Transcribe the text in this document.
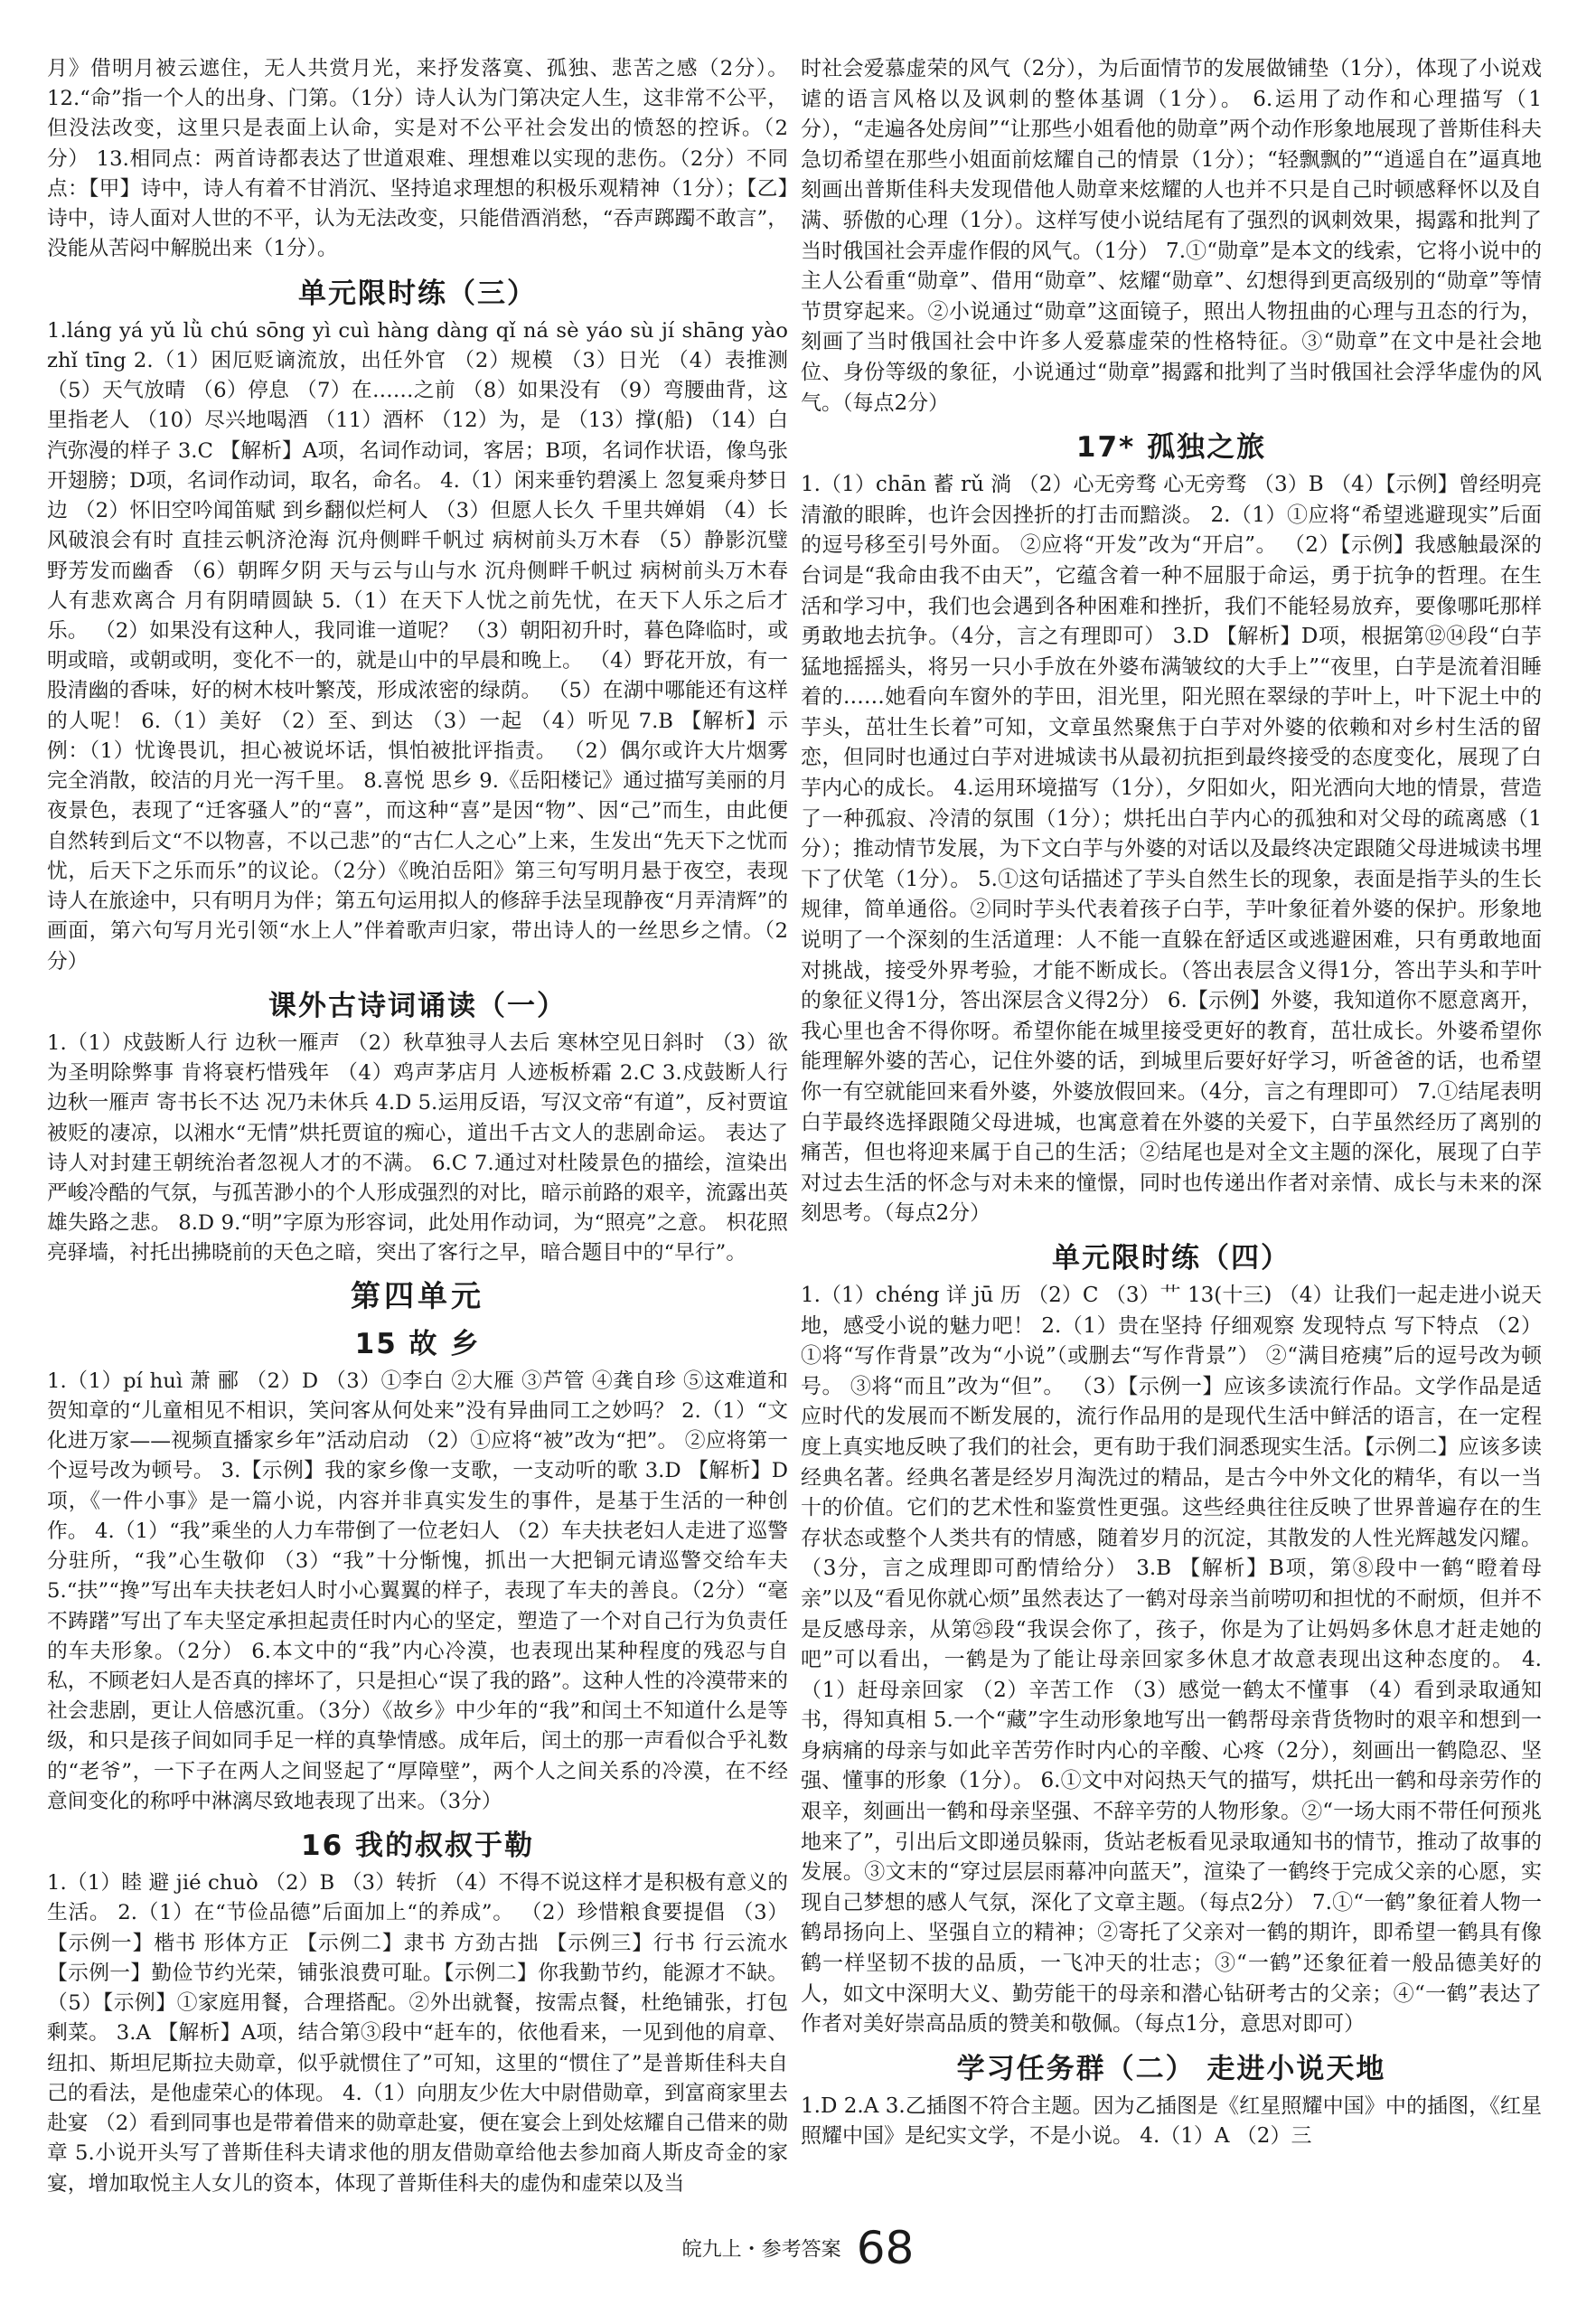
月》借明月被云遮住，无人共赏月光，来抒发落寞、孤独、悲苦之感（2分）。 12.“命”指一个人的出身、门第。（1分）诗人认为门第决定人生，这非常不公平，但没法改变，这里只是表面上认命，实是对不公平社会发出的愤怒的控诉。（2分） 13.相同点：两首诗都表达了世道艰难、理想难以实现的悲伤。（2分）不同点：【甲】诗中，诗人有着不甘消沉、坚持追求理想的积极乐观精神（1分）；【乙】诗中，诗人面对人世的不平，认为无法改变，只能借酒消愁，“吞声踯躅不敢言”，没能从苦闷中解脱出来（1分）。

单元限时练（三）

1.láng yá yǔ lǜ chú sōng yì cuì hàng dàng qǐ ná sè yáo sù jí shāng yào zhǐ tīng 2.（1）困厄贬谪流放，出任外官 （2）规模 （3）日光 （4）表推测 （5）天气放晴 （6）停息 （7）在……之前 （8）如果没有 （9）弯腰曲背，这里指老人 （10）尽兴地喝酒 （11）酒杯 （12）为，是 （13）撑(船) （14）白汽弥漫的样子 3.C 【解析】A项，名词作动词，客居；B项，名词作状语，像鸟张开翅膀；D项，名词作动词，取名，命名。 4.（1）闲来垂钓碧溪上 忽复乘舟梦日边 （2）怀旧空吟闻笛赋 到乡翻似烂柯人 （3）但愿人长久 千里共婵娟 （4）长风破浪会有时 直挂云帆济沧海 沉舟侧畔千帆过 病树前头万木春 （5）静影沉璧 野芳发而幽香 （6）朝晖夕阴 天与云与山与水 沉舟侧畔千帆过 病树前头万木春 人有悲欢离合 月有阴晴圆缺 5.（1）在天下人忧之前先忧，在天下人乐之后才乐。 （2）如果没有这种人，我同谁一道呢？ （3）朝阳初升时，暮色降临时，或明或暗，或朝或明，变化不一的，就是山中的早晨和晚上。 （4）野花开放，有一股清幽的香味，好的树木枝叶繁茂，形成浓密的绿荫。 （5）在湖中哪能还有这样的人呢！ 6.（1）美好 （2）至、到达 （3）一起 （4）听见 7.B 【解析】示例：（1）忧谗畏讥，担心被说坏话，惧怕被批评指责。 （2）偶尔或许大片烟雾完全消散，皎洁的月光一泻千里。 8.喜悦 思乡 9.《岳阳楼记》通过描写美丽的月夜景色，表现了“迁客骚人”的“喜”，而这种“喜”是因“物”、因“己”而生，由此便自然转到后文“不以物喜，不以己悲”的“古仁人之心”上来，生发出“先天下之忧而忧，后天下之乐而乐”的议论。（2分）《晚泊岳阳》第三句写明月悬于夜空，表现诗人在旅途中，只有明月为伴；第五句运用拟人的修辞手法呈现静夜“月弄清辉”的画面，第六句写月光引领“水上人”伴着歌声归家，带出诗人的一丝思乡之情。（2分）

课外古诗词诵读（一）

1.（1）戍鼓断人行 边秋一雁声 （2）秋草独寻人去后 寒林空见日斜时 （3）欲为圣明除弊事 肯将衰朽惜残年 （4）鸡声茅店月 人迹板桥霜 2.C 3.戍鼓断人行 边秋一雁声 寄书长不达 况乃未休兵 4.D 5.运用反语，写汉文帝“有道”，反衬贾谊被贬的凄凉，以湘水“无情”烘托贾谊的痴心，道出千古文人的悲剧命运。 表达了诗人对封建王朝统治者忽视人才的不满。 6.C 7.通过对杜陵景色的描绘，渲染出严峻冷酷的气氛，与孤苦渺小的个人形成强烈的对比，暗示前路的艰辛，流露出英雄失路之悲。 8.D 9.“明”字原为形容词，此处用作动词，为“照亮”之意。 枳花照亮驿墙，衬托出拂晓前的天色之暗，突出了客行之早，暗合题目中的“早行”。

第四单元
15 故 乡

1.（1）pí huì 萧 郦 （2）D （3）①李白 ②大雁 ③芦管 ④龚自珍 ⑤这难道和贺知章的“儿童相见不相识，笑问客从何处来”没有异曲同工之妙吗？ 2.（1）“文化进万家——视频直播家乡年”活动启动 （2）①应将“被”改为“把”。 ②应将第一个逗号改为顿号。 3.【示例】我的家乡像一支歌，一支动听的歌 3.D 【解析】D项，《一件小事》是一篇小说，内容并非真实发生的事件，是基于生活的一种创作。 4.（1）“我”乘坐的人力车带倒了一位老妇人 （2）车夫扶老妇人走进了巡警分驻所，“我”心生敬仰 （3）“我”十分惭愧，抓出一大把铜元请巡警交给车夫 5.“扶”“搀”写出车夫扶老妇人时小心翼翼的样子，表现了车夫的善良。（2分）“毫不踌躇”写出了车夫坚定承担起责任时内心的坚定，塑造了一个对自己行为负责任的车夫形象。（2分） 6.本文中的“我”内心冷漠，也表现出某种程度的残忍与自私，不顾老妇人是否真的摔坏了，只是担心“误了我的路”。这种人性的冷漠带来的社会悲剧，更让人倍感沉重。（3分）《故乡》中少年的“我”和闰土不知道什么是等级，和只是孩子间如同手足一样的真挚情感。成年后，闰土的那一声看似合乎礼数的“老爷”，一下子在两人之间竖起了“厚障壁”，两个人之间关系的冷漠，在不经意间变化的称呼中淋漓尽致地表现了出来。（3分）

16 我的叔叔于勒

1.（1）睦 避 jié chuò （2）B （3）转折 （4）不得不说这样才是积极有意义的生活。 2.（1）在“节俭品德”后面加上“的养成”。 （2）珍惜粮食要提倡 （3）【示例一】楷书 形体方正 【示例二】隶书 方劲古拙 【示例三】行书 行云流水 【示例一】勤俭节约光荣，铺张浪费可耻。【示例二】你我勤节约，能源才不缺。 （5）【示例】①家庭用餐，合理搭配。②外出就餐，按需点餐，杜绝铺张，打包剩菜。 3.A 【解析】A项，结合第③段中“赶车的，依他看来，一见到他的肩章、纽扣、斯坦尼斯拉夫勋章，似乎就惯住了”可知，这里的“惯住了”是普斯佳科夫自己的看法，是他虚荣心的体现。 4.（1）向朋友少佐大中尉借勋章，到富商家里去赴宴 （2）看到同事也是带着借来的勋章赴宴，便在宴会上到处炫耀自己借来的勋章 5.小说开头写了普斯佳科夫请求他的朋友借勋章给他去参加商人斯皮奇金的家宴，增加取悦主人女儿的资本，体现了普斯佳科夫的虚伪和虚荣以及当

时社会爱慕虚荣的风气（2分），为后面情节的发展做铺垫（1分），体现了小说戏谑的语言风格以及讽刺的整体基调（1分）。 6.运用了动作和心理描写（1分），“走遍各处房间”“让那些小姐看他的勋章”两个动作形象地展现了普斯佳科夫急切希望在那些小姐面前炫耀自己的情景（1分）；“轻飘飘的”“逍遥自在”逼真地刻画出普斯佳科夫发现借他人勋章来炫耀的人也并不只是自己时顿感释怀以及自满、骄傲的心理（1分）。这样写使小说结尾有了强烈的讽刺效果，揭露和批判了当时俄国社会弄虚作假的风气。（1分） 7.①“勋章”是本文的线索，它将小说中的主人公看重“勋章”、借用“勋章”、炫耀“勋章”、幻想得到更高级别的“勋章”等情节贯穿起来。②小说通过“勋章”这面镜子，照出人物扭曲的心理与丑态的行为，刻画了当时俄国社会中许多人爱慕虚荣的性格特征。③“勋章”在文中是社会地位、身份等级的象征，小说通过“勋章”揭露和批判了当时俄国社会浮华虚伪的风气。（每点2分）

17* 孤独之旅

1.（1）chān 蓄 rǔ 淌 （2）心无旁骛 心无旁骛 （3）B （4）【示例】曾经明亮清澈的眼眸，也许会因挫折的打击而黯淡。 2.（1）①应将“希望逃避现实”后面的逗号移至引号外面。 ②应将“开发”改为“开启”。 （2）【示例】我感触最深的台词是“我命由我不由天”，它蕴含着一种不屈服于命运，勇于抗争的哲理。在生活和学习中，我们也会遇到各种困难和挫折，我们不能轻易放弃，要像哪吒那样勇敢地去抗争。（4分，言之有理即可） 3.D 【解析】D项，根据第⑫⑭段“白芋猛地摇摇头，将另一只小手放在外婆布满皱纹的大手上”“夜里，白芋是流着泪睡着的……她看向车窗外的芋田，泪光里，阳光照在翠绿的芋叶上，叶下泥土中的芋头，茁壮生长着”可知，文章虽然聚焦于白芋对外婆的依赖和对乡村生活的留恋，但同时也通过白芋对进城读书从最初抗拒到最终接受的态度变化，展现了白芋内心的成长。 4.运用环境描写（1分），夕阳如火，阳光洒向大地的情景，营造了一种孤寂、冷清的氛围（1分）；烘托出白芋内心的孤独和对父母的疏离感（1分）；推动情节发展，为下文白芋与外婆的对话以及最终决定跟随父母进城读书埋下了伏笔（1分）。 5.①这句话描述了芋头自然生长的现象，表面是指芋头的生长规律，简单通俗。②同时芋头代表着孩子白芋，芋叶象征着外婆的保护。形象地说明了一个深刻的生活道理：人不能一直躲在舒适区或逃避困难，只有勇敢地面对挑战，接受外界考验，才能不断成长。（答出表层含义得1分，答出芋头和芋叶的象征义得1分，答出深层含义得2分） 6.【示例】外婆，我知道你不愿意离开，我心里也舍不得你呀。希望你能在城里接受更好的教育，茁壮成长。外婆希望你能理解外婆的苦心，记住外婆的话，到城里后要好好学习，听爸爸的话，也希望你一有空就能回来看外婆，外婆放假回来。（4分，言之有理即可） 7.①结尾表明白芋最终选择跟随父母进城，也寓意着在外婆的关爱下，白芋虽然经历了离别的痛苦，但也将迎来属于自己的生活；②结尾也是对全文主题的深化，展现了白芋对过去生活的怀念与对未来的憧憬，同时也传递出作者对亲情、成长与未来的深刻思考。（每点2分）

单元限时练（四）

1.（1）chéng 详 jū 历 （2）C （3）艹 13(十三) （4）让我们一起走进小说天地，感受小说的魅力吧！ 2.（1）贵在坚持 仔细观察 发现特点 写下特点 （2）①将“写作背景”改为“小说”（或删去“写作背景”） ②“满目疮痍”后的逗号改为顿号。 ③将“而且”改为“但”。 （3）【示例一】应该多读流行作品。文学作品是适应时代的发展而不断发展的，流行作品用的是现代生活中鲜活的语言，在一定程度上真实地反映了我们的社会，更有助于我们洞悉现实生活。【示例二】应该多读经典名著。经典名著是经岁月淘洗过的精品，是古今中外文化的精华，有以一当十的价值。它们的艺术性和鉴赏性更强。这些经典往往反映了世界普遍存在的生存状态或整个人类共有的情感，随着岁月的沉淀，其散发的人性光辉越发闪耀。（3分，言之成理即可酌情给分） 3.B 【解析】B项，第⑧段中一鹤“瞪着母亲”以及“看见你就心烦”虽然表达了一鹤对母亲当前唠叨和担忧的不耐烦，但并不是反感母亲，从第㉕段“我误会你了，孩子，你是为了让妈妈多休息才赶走她的吧”可以看出，一鹤是为了能让母亲回家多休息才故意表现出这种态度的。 4.（1）赶母亲回家 （2）辛苦工作 （3）感觉一鹤太不懂事 （4）看到录取通知书，得知真相 5.一个“藏”字生动形象地写出一鹤帮母亲背货物时的艰辛和想到一身病痛的母亲与如此辛苦劳作时内心的辛酸、心疼（2分），刻画出一鹤隐忍、坚强、懂事的形象（1分）。 6.①文中对闷热天气的描写，烘托出一鹤和母亲劳作的艰辛，刻画出一鹤和母亲坚强、不辞辛劳的人物形象。②“一场大雨不带任何预兆地来了”，引出后文即递员躲雨，货站老板看见录取通知书的情节，推动了故事的发展。③文末的“穿过层层雨幕冲向蓝天”，渲染了一鹤终于完成父亲的心愿，实现自己梦想的感人气氛，深化了文章主题。（每点2分） 7.①“一鹤”象征着人物一鹤昂扬向上、坚强自立的精神；②寄托了父亲对一鹤的期许，即希望一鹤具有像鹤一样坚韧不拔的品质，一飞冲天的壮志；③“一鹤”还象征着一般品德美好的人，如文中深明大义、勤劳能干的母亲和潜心钻研考古的父亲；④“一鹤”表达了作者对美好崇高品质的赞美和敬佩。（每点1分，意思对即可）

学习任务群（二） 走进小说天地

1.D 2.A 3.乙插图不符合主题。因为乙插图是《红星照耀中国》中的插图，《红星照耀中国》是纪实文学，不是小说。 4.（1）A （2）三

皖九上・参考答案 68
